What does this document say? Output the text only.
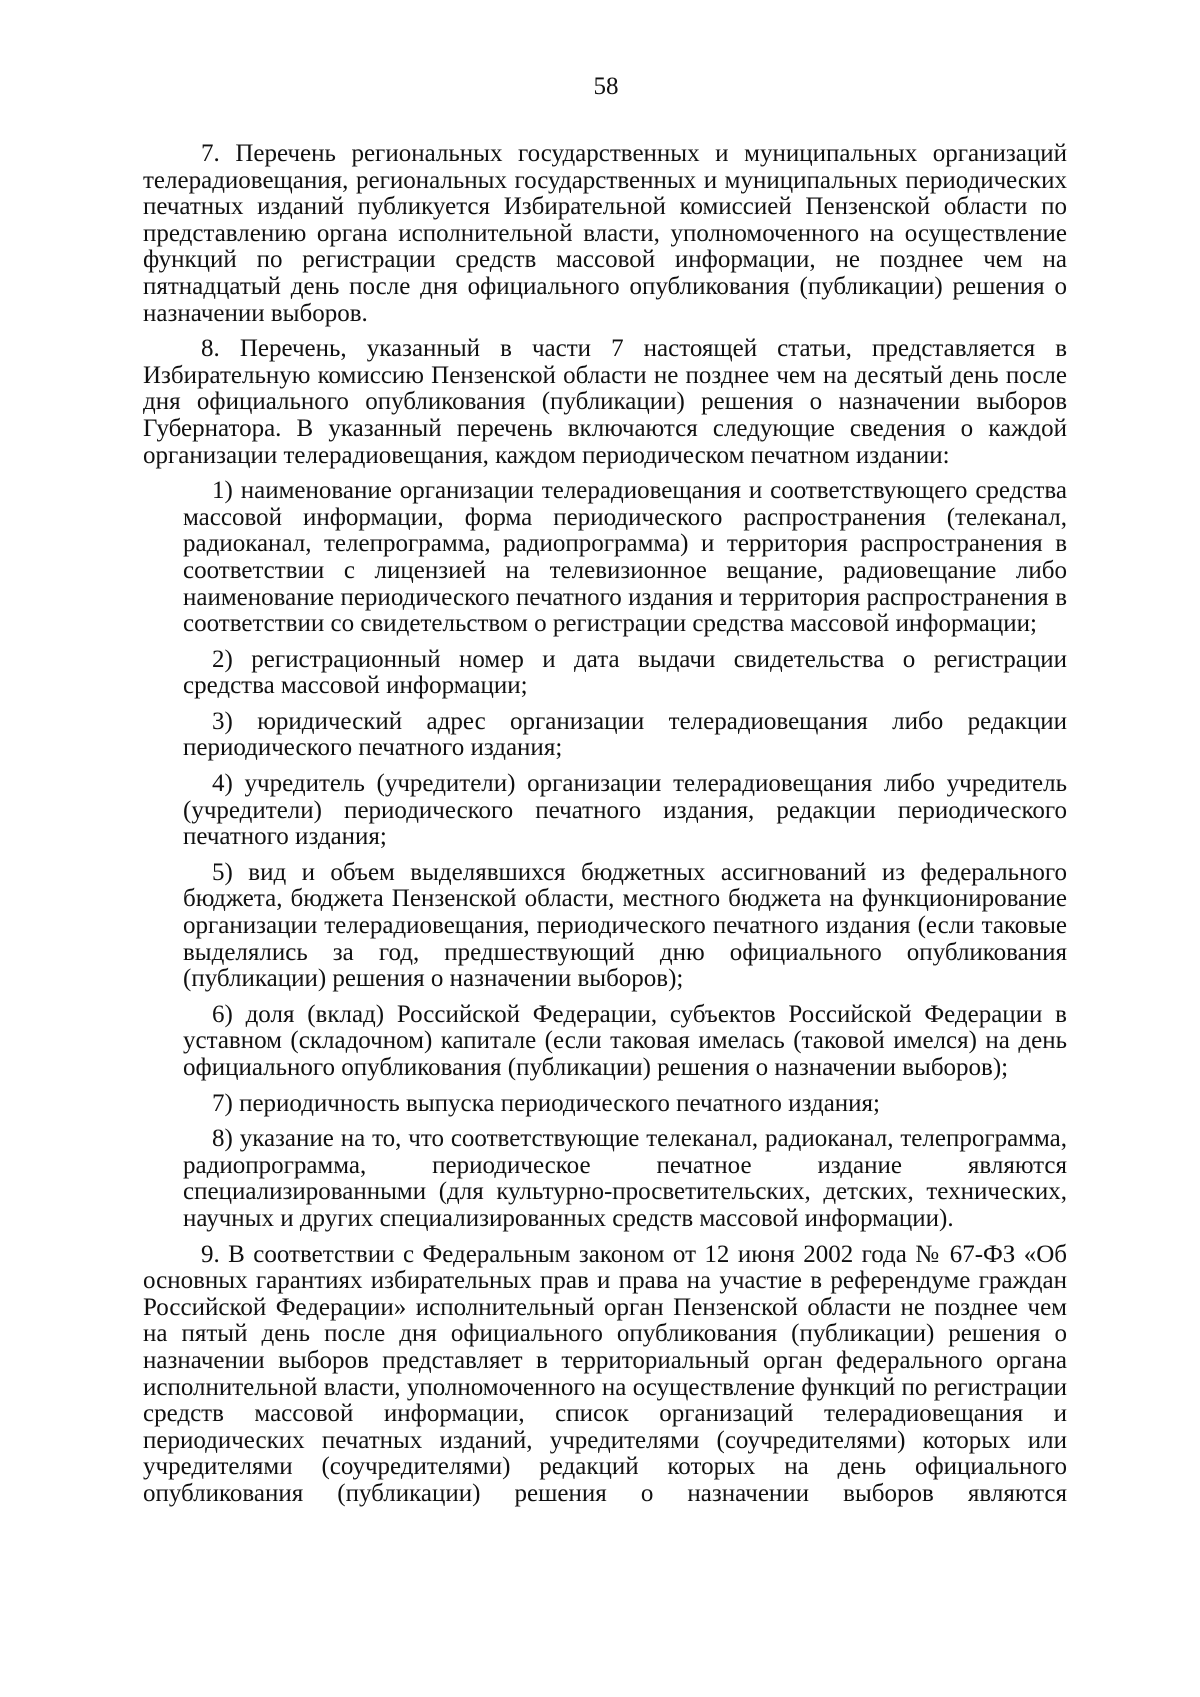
58

7. Перечень региональных государственных и муниципальных организаций телерадиовещания, региональных государственных и муниципальных периодических печатных изданий публикуется Избирательной комиссией Пензенской области по представлению органа исполнительной власти, уполномоченного на осуществление функций по регистрации средств массовой информации, не позднее чем на пятнадцатый день после дня официального опубликования (публикации) решения о назначении выборов.

8. Перечень, указанный в части 7 настоящей статьи, представляется в Избирательную комиссию Пензенской области не позднее чем на десятый день после дня официального опубликования (публикации) решения о назначении выборов Губернатора. В указанный перечень включаются следующие сведения о каждой организации телерадиовещания, каждом периодическом печатном издании:

1) наименование организации телерадиовещания и соответствующего средства массовой информации, форма периодического распространения (телеканал, радиоканал, телепрограмма, радиопрограмма) и территория распространения в соответствии с лицензией на телевизионное вещание, радиовещание либо наименование периодического печатного издания и территория распространения в соответствии со свидетельством о регистрации средства массовой информации;

2) регистрационный номер и дата выдачи свидетельства о регистрации средства массовой информации;

3) юридический адрес организации телерадиовещания либо редакции периодического печатного издания;

4) учредитель (учредители) организации телерадиовещания либо учредитель (учредители) периодического печатного издания, редакции периодического печатного издания;

5) вид и объем выделявшихся бюджетных ассигнований из федерального бюджета, бюджета Пензенской области, местного бюджета на функционирование организации телерадиовещания, периодического печатного издания (если таковые выделялись за год, предшествующий дню официального опубликования (публикации) решения о назначении выборов);

6) доля (вклад) Российской Федерации, субъектов Российской Федерации в уставном (складочном) капитале (если таковая имелась (таковой имелся) на день официального опубликования (публикации) решения о назначении выборов);

7) периодичность выпуска периодического печатного издания;

8) указание на то, что соответствующие телеканал, радиоканал, телепрограмма, радиопрограмма, периодическое печатное издание являются специализированными (для культурно-просветительских, детских, технических, научных и других специализированных средств массовой информации).

9. В соответствии с Федеральным законом от 12 июня 2002 года № 67-ФЗ «Об основных гарантиях избирательных прав и права на участие в референдуме граждан Российской Федерации» исполнительный орган Пензенской области не позднее чем на пятый день после дня официального опубликования (публикации) решения о назначении выборов представляет в территориальный орган федерального органа исполнительной власти, уполномоченного на осуществление функций по регистрации средств массовой информации, список организаций телерадиовещания и периодических печатных изданий, учредителями (соучредителями) которых или учредителями (соучредителями) редакций которых на день официального опубликования (публикации) решения о назначении выборов являются
